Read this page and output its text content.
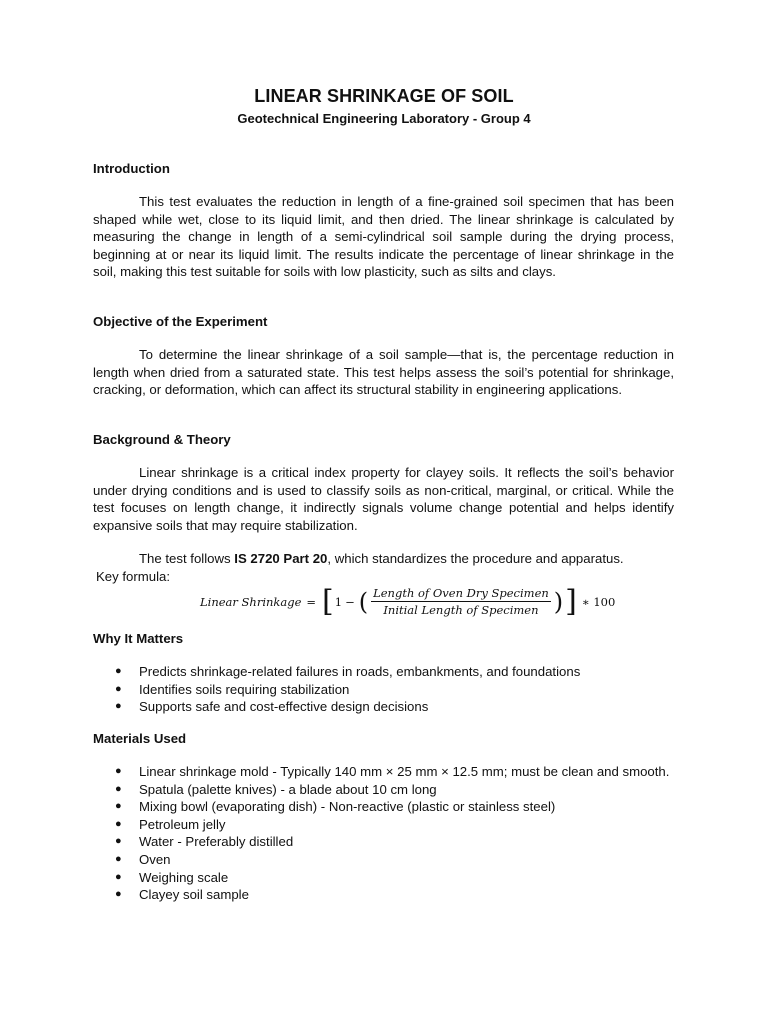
LINEAR SHRINKAGE OF SOIL
Geotechnical Engineering Laboratory - Group 4
Introduction

This test evaluates the reduction in length of a fine-grained soil specimen that has been shaped while wet, close to its liquid limit, and then dried. The linear shrinkage is calculated by measuring the change in length of a semi-cylindrical soil sample during the drying process, beginning at or near its liquid limit. The results indicate the percentage of linear shrinkage in the soil, making this test suitable for soils with low plasticity, such as silts and clays.

Objective of the Experiment

To determine the linear shrinkage of a soil sample—that is, the percentage reduction in length when dried from a saturated state. This test helps assess the soil’s potential for shrinkage, cracking, or deformation, which can affect its structural stability in engineering applications.

Background & Theory

Linear shrinkage is a critical index property for clayey soils. It reflects the soil’s behavior under drying conditions and is used to classify soils as non-critical, marginal, or critical. While the test focuses on length change, it indirectly signals volume change potential and helps identify expansive soils that may require stabilization.

The test follows IS 2720 Part 20, which standardizes the procedure and apparatus.

Key formula:

Linear Shrinkage = [ 1 − ( $\frac{\text{Length of Oven Dry Specimen}}{\text{Initial Length of Specimen}}$ ) ] ∗ 100
Why It Matters
● Predicts shrinkage-related failures in roads, embankments, and foundations
● Identifies soils requiring stabilization
● Supports safe and cost-effective design decisions
Materials Used
● Linear shrinkage mold - Typically 140 mm × 25 mm × 12.5 mm; must be clean and smooth.
● Spatula (palette knives) - a blade about 10 cm long
● Mixing bowl (evaporating dish) - Non-reactive (plastic or stainless steel)
● Petroleum jelly
● Water - Preferably distilled
● Oven
● Weighing scale
● Clayey soil sample
